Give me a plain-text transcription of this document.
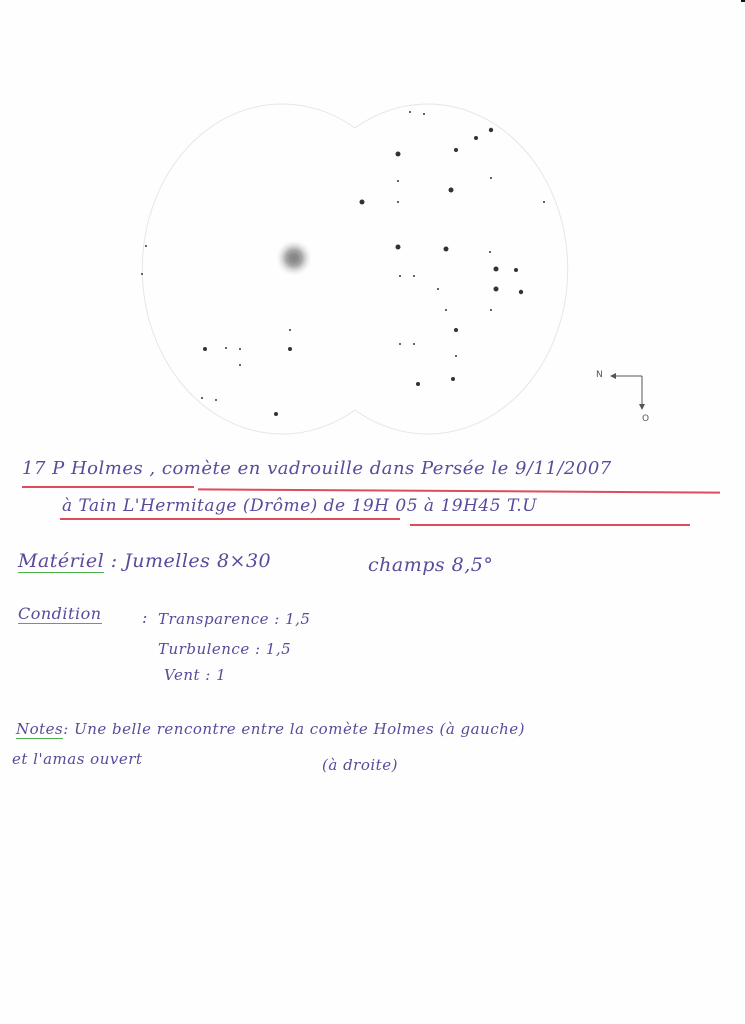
N
O
17 P Holmes , comète en vadrouille dans Persée le 9/11/2007
à Tain L'Hermitage (Drôme) de 19H 05 à 19H45 T.U
Matériel : Jumelles 8×30	champs 8,5°
Condition	: Transparence : 1,5
Turbulence : 1,5
Vent : 1
Notes: Une belle rencontre entre la comète Holmes (à gauche)
et l'amas ouvert	(à droite)
